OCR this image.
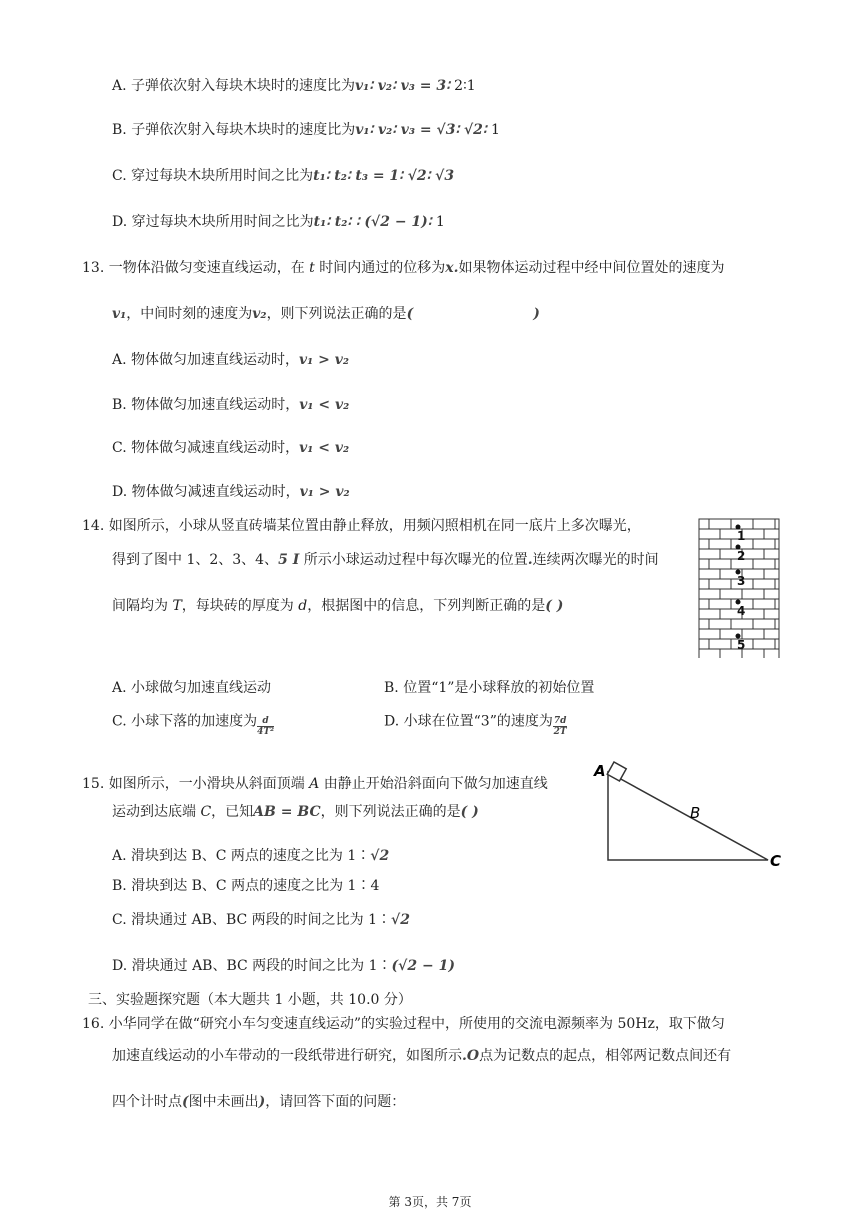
A. 子弹依次射入每块木块时的速度比为v₁∶ v₂∶ v₃ = 3∶ 2∶1
B. 子弹依次射入每块木块时的速度比为v₁∶ v₂∶ v₃ = √3∶ √2∶ 1
C. 穿过每块木块所用时间之比为t₁∶ t₂∶ t₃ = 1∶ √2∶ √3
D. 穿过每块木块所用时间之比为t₁∶ t₂∶ ∶ (√2 − 1)∶ 1
13. 一物体沿做匀变速直线运动，在 t 时间内通过的位移为x.如果物体运动过程中经中间位置处的速度为
v₁，中间时刻的速度为v₂，则下列说法正确的是(	)
A. 物体做匀加速直线运动时，v₁ > v₂
B. 物体做匀加速直线运动时，v₁ < v₂
C. 物体做匀减速直线运动时，v₁ < v₂
D. 物体做匀减速直线运动时，v₁ > v₂
14. 如图所示，小球从竖直砖墙某位置由静止释放，用频闪照相机在同一底片上多次曝光，
得到了图中 1、2、3、4、5 I 所示小球运动过程中每次曝光的位置.连续两次曝光的时间
间隔均为 T，每块砖的厚度为 d，根据图中的信息，下列判断正确的是( )
1
2
3
4
5
A. 小球做匀加速直线运动	B. 位置“1”是小球释放的初始位置
C. 小球下落的加速度为 $\frac{d}{\text{4T²}}$	D. 小球在位置“3”的速度为 $\frac{7d}{2T}$
15. 如图所示，一小滑块从斜面顶端 A 由静止开始沿斜面向下做匀加速直线
运动到达底端 C，已知AB = BC，则下列说法正确的是( )
A. 滑块到达 B、C 两点的速度之比为 1∶√2
B. 滑块到达 B、C 两点的速度之比为 1∶4
C. 滑块通过 AB、BC 两段的时间之比为 1∶√2
D. 滑块通过 AB、BC 两段的时间之比为 1∶(√2 − 1)
A
B
C
三、实验题探究题（本大题共 1 小题，共 10.0 分）
16. 小华同学在做“研究小车匀变速直线运动”的实验过程中，所使用的交流电源频率为 50Hz，取下做匀
加速直线运动的小车带动的一段纸带进行研究，如图所示.O点为记数点的起点，相邻两记数点间还有
四个计时点(图中未画出)，请回答下面的问题：
第 3页，共 7页
